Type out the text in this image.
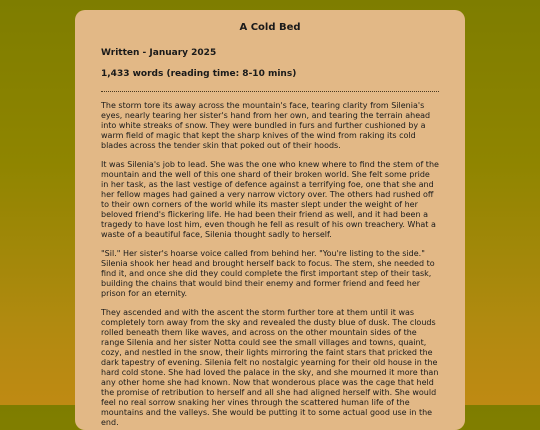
A Cold Bed
Written - January 2025
1,433 words (reading time: 8-10 mins)

The storm tore its away across the mountain's face, tearing clarity from Silenia's eyes, nearly tearing her sister's hand from her own, and tearing the terrain ahead into white streaks of snow. They were bundled in furs and further cushioned by a warm field of magic that kept the sharp knives of the wind from raking its cold blades across the tender skin that poked out of their hoods.

It was Silenia's job to lead. She was the one who knew where to find the stem of the mountain and the well of this one shard of their broken world. She felt some pride in her task, as the last vestige of defence against a terrifying foe, one that she and her fellow mages had gained a very narrow victory over. The others had rushed off to their own corners of the world while its master slept under the weight of her beloved friend's flickering life. He had been their friend as well, and it had been a tragedy to have lost him, even though he fell as result of his own treachery. What a waste of a beautiful face, Silenia thought sadly to herself.

"Sil." Her sister's hoarse voice called from behind her. "You're listing to the side." Silenia shook her head and brought herself back to focus. The stem, she needed to find it, and once she did they could complete the first important step of their task, building the chains that would bind their enemy and former friend and feed her prison for an eternity.

They ascended and with the ascent the storm further tore at them until it was completely torn away from the sky and revealed the dusty blue of dusk. The clouds rolled beneath them like waves, and across on the other mountain sides of the range Silenia and her sister Notta could see the small villages and towns, quaint, cozy, and nestled in the snow, their lights mirroring the faint stars that pricked the dark tapestry of evening. Silenia felt no nostalgic yearning for their old house in the hard cold stone. She had loved the palace in the sky, and she mourned it more than any other home she had known. Now that wonderous place was the cage that held the promise of retribution to herself and all she had aligned herself with. She would feel no real sorrow snaking her vines through the scattered human life of the mountains and the valleys. She would be putting it to some actual good use in the end.
